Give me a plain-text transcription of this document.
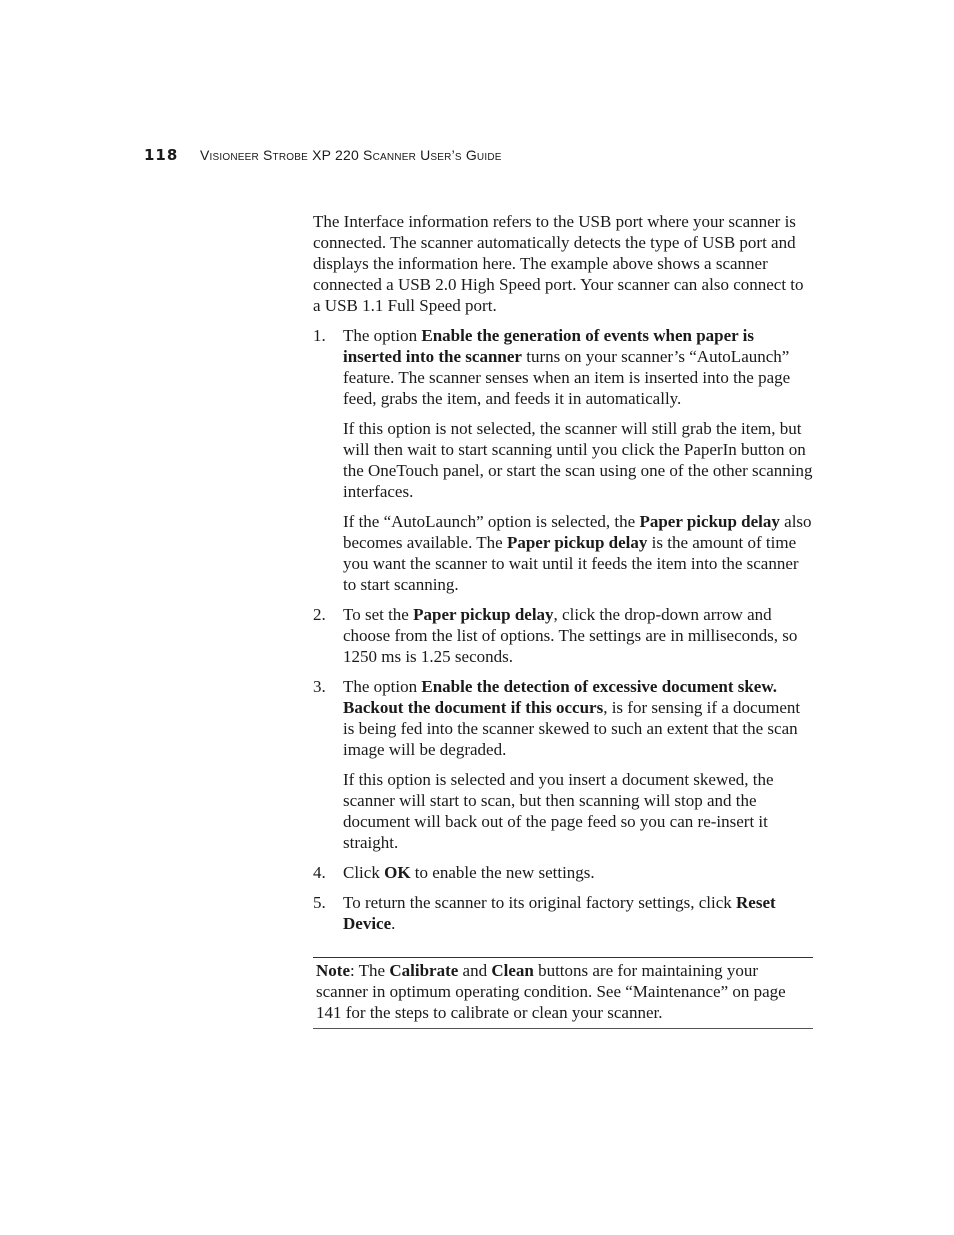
118 Visioneer Strobe XP 220 Scanner User’s Guide

The Interface information refers to the USB port where your scanner is connected. The scanner automatically detects the type of USB port and displays the information here. The example above shows a scanner connected a USB 2.0 High Speed port. Your scanner can also connect to a USB 1.1 Full Speed port.

1. The option Enable the generation of events when paper is inserted into the scanner turns on your scanner’s “AutoLaunch” feature. The scanner senses when an item is inserted into the page feed, grabs the item, and feeds it in automatically.

If this option is not selected, the scanner will still grab the item, but will then wait to start scanning until you click the PaperIn button on the OneTouch panel, or start the scan using one of the other scanning interfaces.

If the “AutoLaunch” option is selected, the Paper pickup delay also becomes available. The Paper pickup delay is the amount of time you want the scanner to wait until it feeds the item into the scanner to start scanning.

2. To set the Paper pickup delay, click the drop-down arrow and choose from the list of options. The settings are in milliseconds, so 1250 ms is 1.25 seconds.

3. The option Enable the detection of excessive document skew. Backout the document if this occurs, is for sensing if a document is being fed into the scanner skewed to such an extent that the scan image will be degraded.

If this option is selected and you insert a document skewed, the scanner will start to scan, but then scanning will stop and the document will back out of the page feed so you can re-insert it straight.

4. Click OK to enable the new settings.

5. To return the scanner to its original factory settings, click Reset Device.

Note: The Calibrate and Clean buttons are for maintaining your scanner in optimum operating condition. See “Maintenance” on page 141 for the steps to calibrate or clean your scanner.
